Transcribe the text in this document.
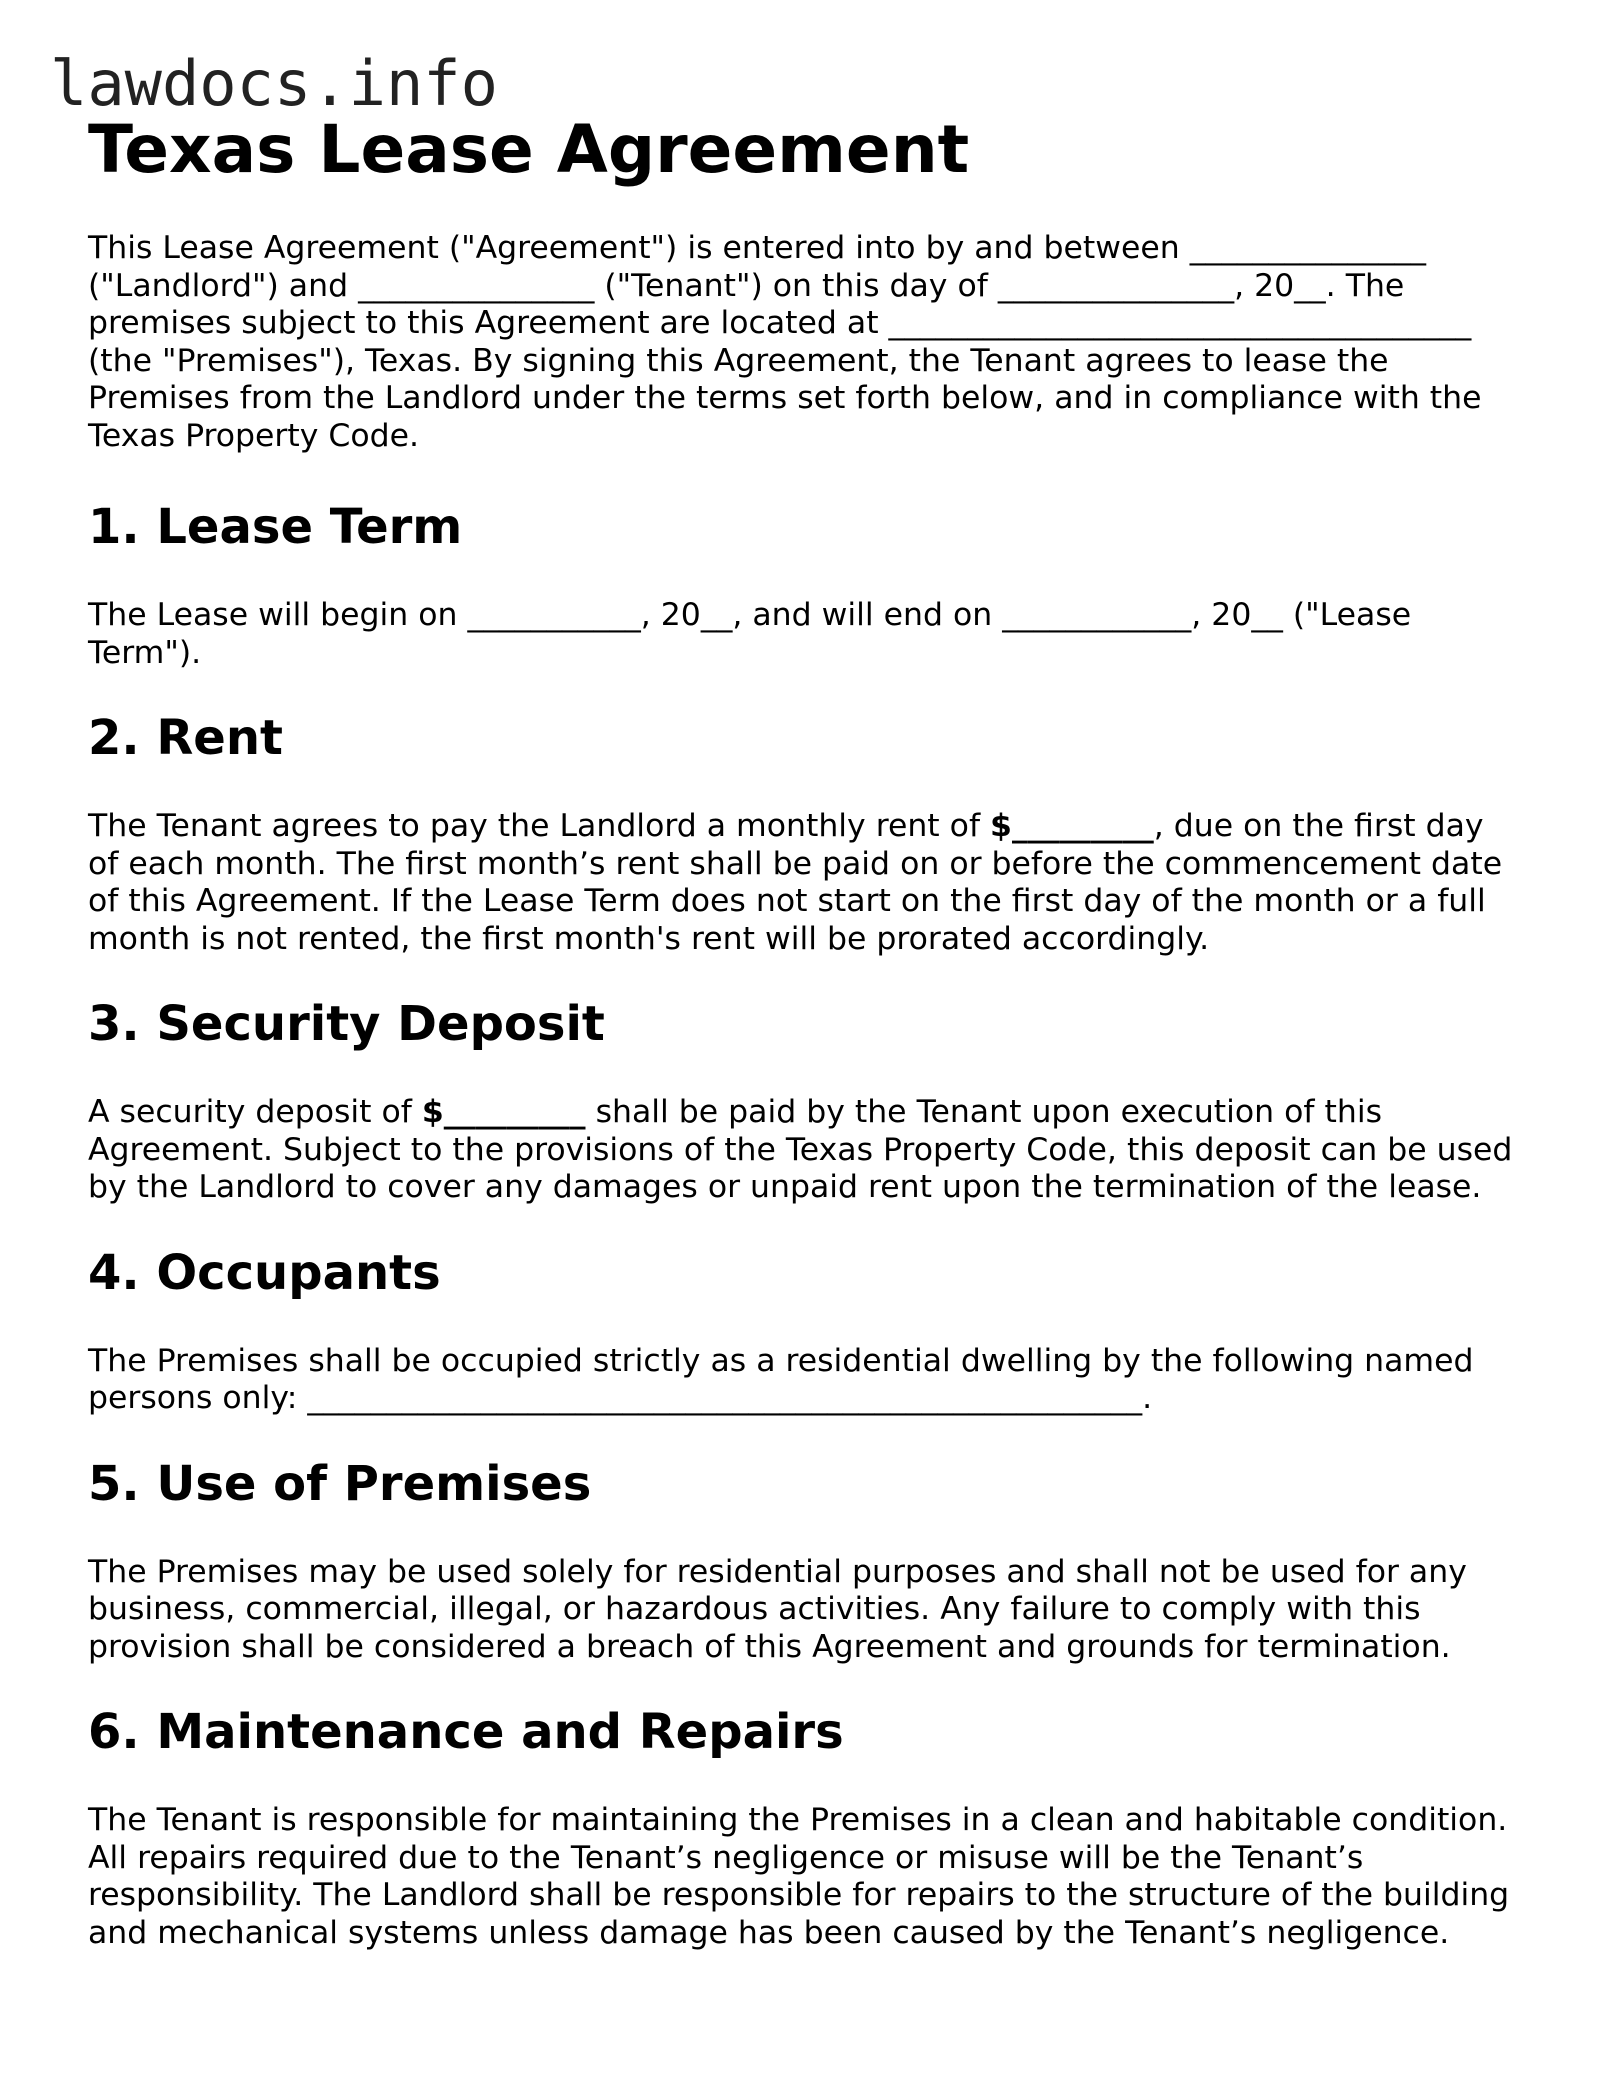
lawdocs.info
Texas Lease Agreement

This Lease Agreement ("Agreement") is entered into by and between _______________
("Landlord") and _______________ ("Tenant") on this day of _______________, 20__. The
premises subject to this Agreement are located at _____________________________________
(the "Premises"), Texas. By signing this Agreement, the Tenant agrees to lease the
Premises from the Landlord under the terms set forth below, and in compliance with the
Texas Property Code.

1. Lease Term

The Lease will begin on ___________, 20__, and will end on ____________, 20__ ("Lease
Term").

2. Rent

The Tenant agrees to pay the Landlord a monthly rent of $_________, due on the first day
of each month. The first month’s rent shall be paid on or before the commencement date
of this Agreement. If the Lease Term does not start on the first day of the month or a full
month is not rented, the first month's rent will be prorated accordingly.

3. Security Deposit

A security deposit of $_________ shall be paid by the Tenant upon execution of this
Agreement. Subject to the provisions of the Texas Property Code, this deposit can be used
by the Landlord to cover any damages or unpaid rent upon the termination of the lease.

4. Occupants

The Premises shall be occupied strictly as a residential dwelling by the following named
persons only: _____________________________________________________.

5. Use of Premises

The Premises may be used solely for residential purposes and shall not be used for any
business, commercial, illegal, or hazardous activities. Any failure to comply with this
provision shall be considered a breach of this Agreement and grounds for termination.

6. Maintenance and Repairs

The Tenant is responsible for maintaining the Premises in a clean and habitable condition.
All repairs required due to the Tenant’s negligence or misuse will be the Tenant’s
responsibility. The Landlord shall be responsible for repairs to the structure of the building
and mechanical systems unless damage has been caused by the Tenant’s negligence.
